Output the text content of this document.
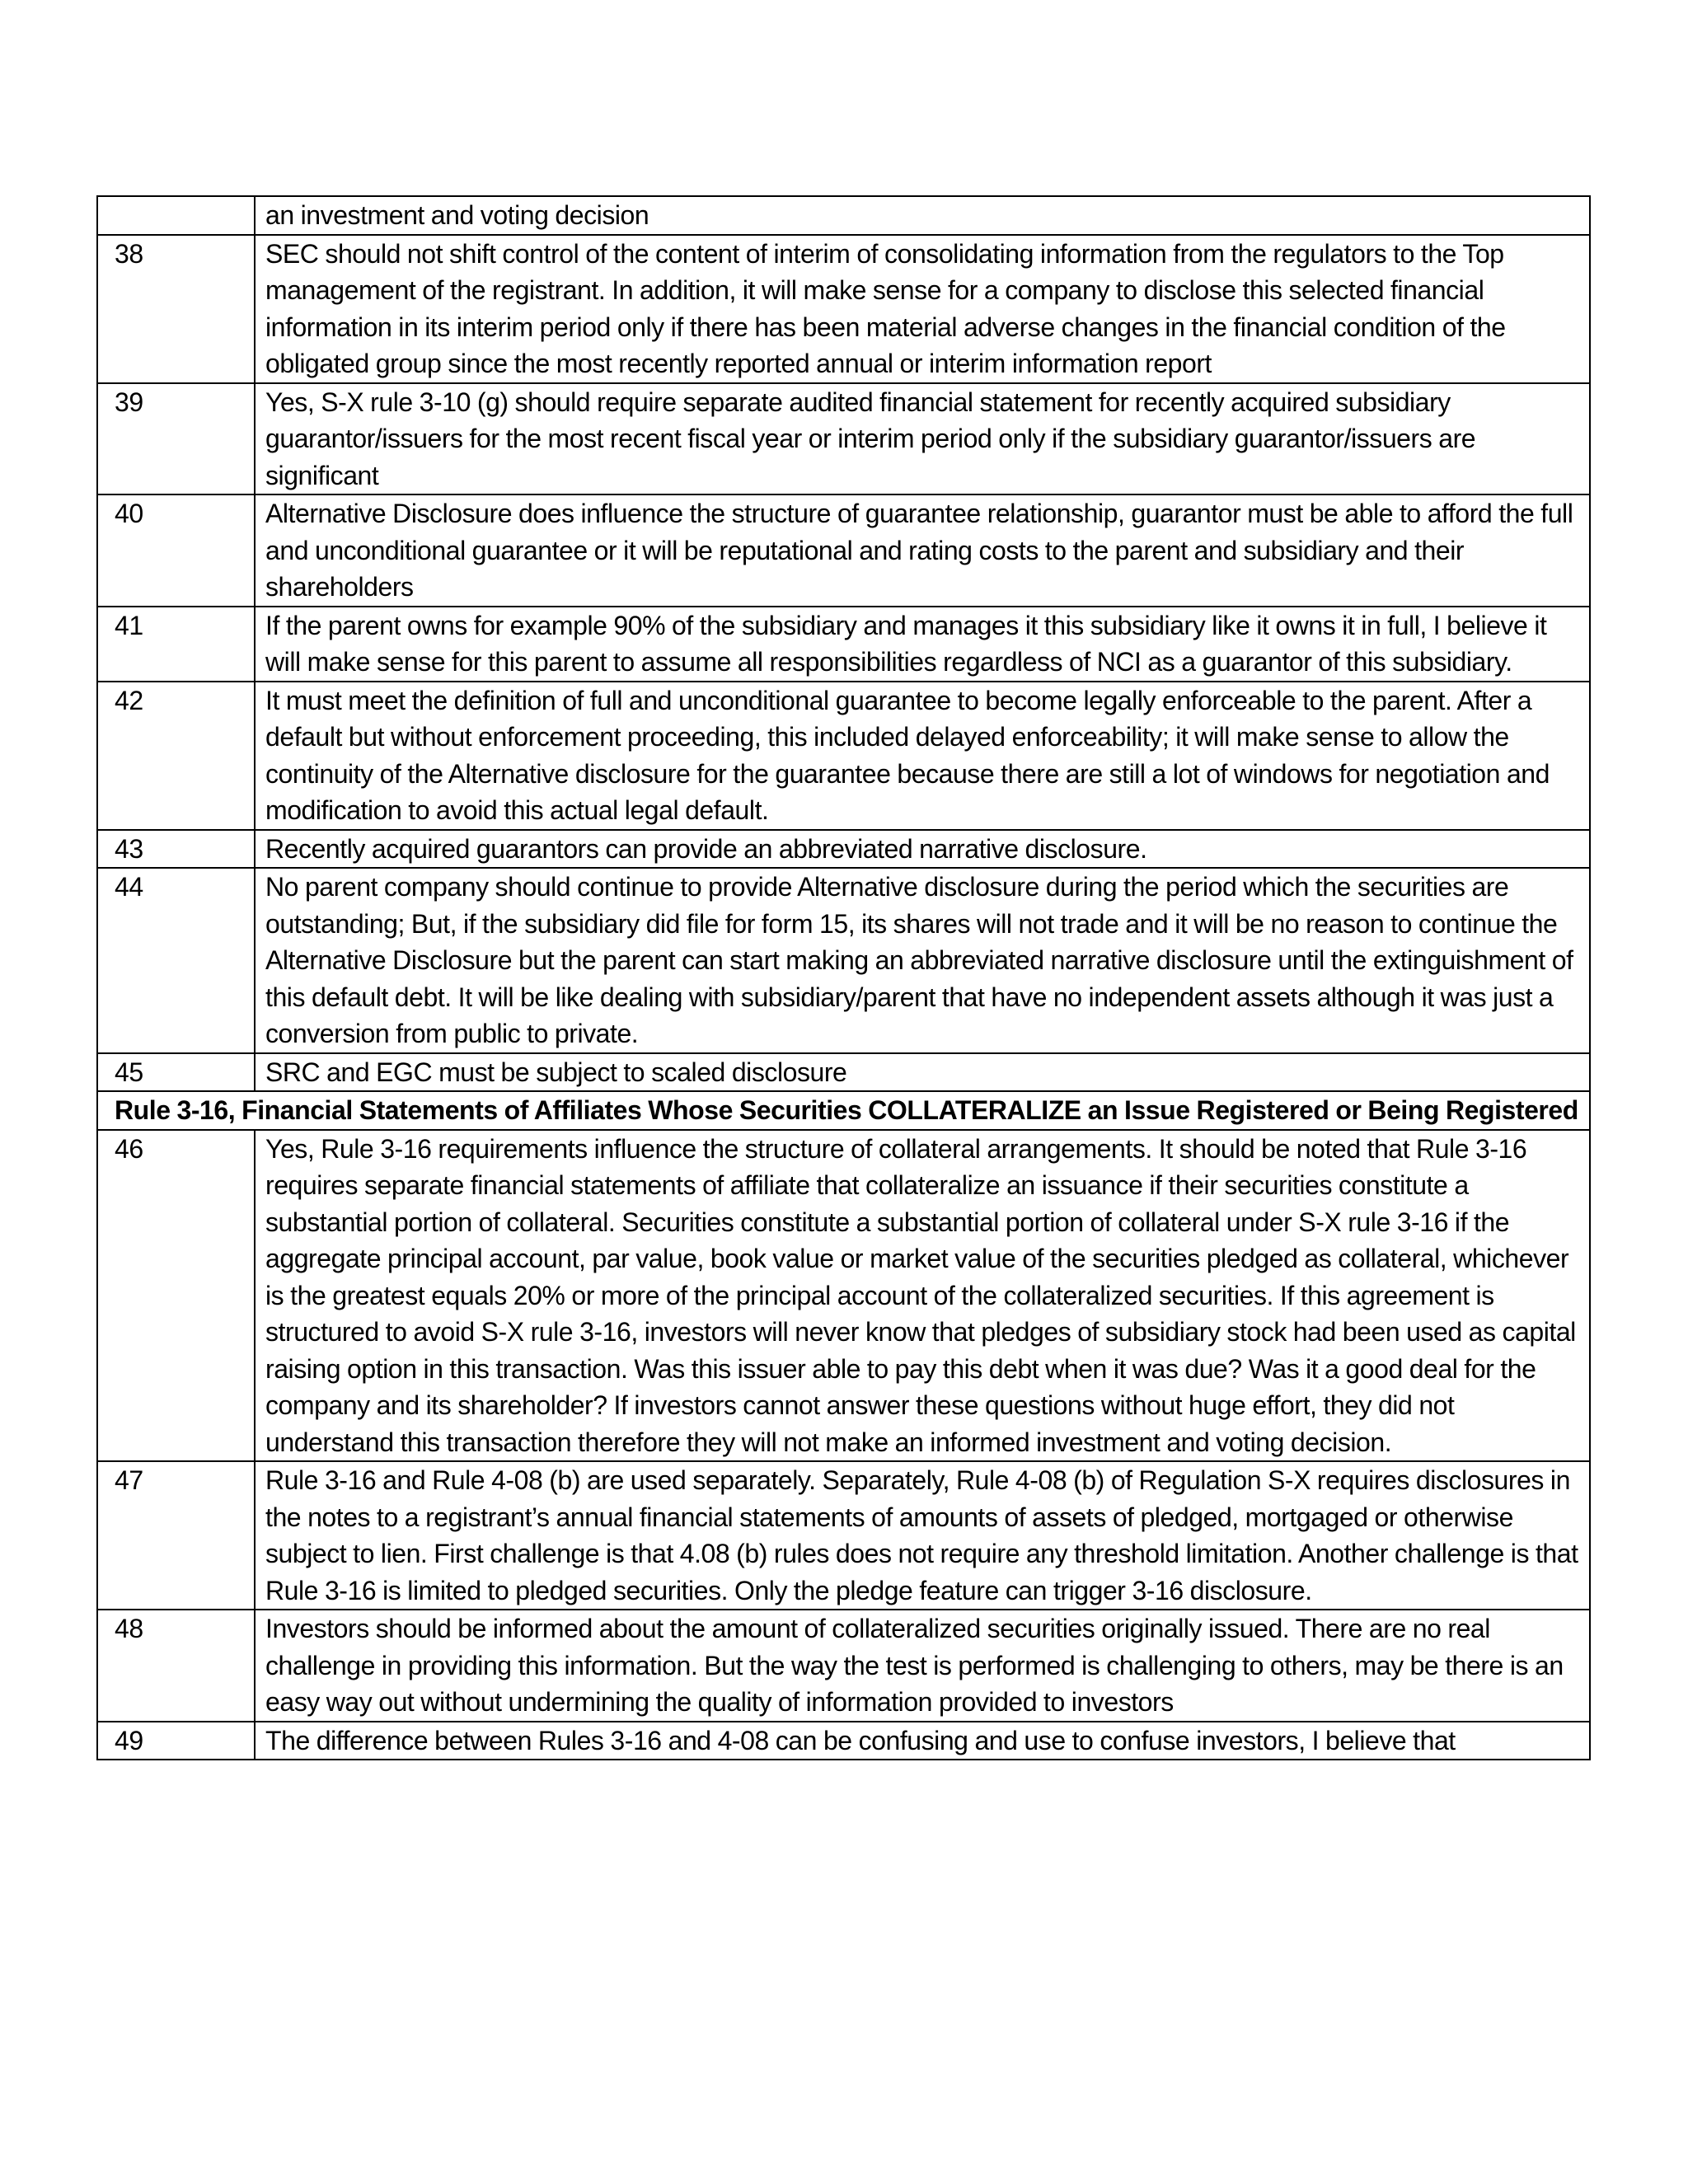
	an investment and voting decision
38	SEC should not shift control of the content of interim of consolidating information from the regulators to the Top management of the registrant. In addition, it will make sense for a company to disclose this selected financial information in its interim period only if there has been material adverse changes in the financial condition of the obligated group since the most recently reported annual or interim information report
39	Yes, S-X rule 3-10 (g) should require separate audited financial statement for recently acquired subsidiary guarantor/issuers for the most recent fiscal year or interim period only if the subsidiary guarantor/issuers are significant
40	Alternative Disclosure does influence the structure of guarantee relationship, guarantor must be able to afford the full and unconditional guarantee or it will be reputational and rating costs to the parent and subsidiary and their shareholders
41	If the parent owns for example 90% of the subsidiary and manages it this subsidiary like it owns it in full, I believe it will make sense for this parent to assume all responsibilities regardless of NCI as a guarantor of this subsidiary.
42	It must meet the definition of full and unconditional guarantee to become legally enforceable to the parent. After a default but without enforcement proceeding, this included delayed enforceability; it will make sense to allow the continuity of the Alternative disclosure for the guarantee because there are still a lot of windows for negotiation and modification to avoid this actual legal default.
43	Recently acquired guarantors can provide an abbreviated narrative disclosure.
44	No parent company should continue to provide Alternative disclosure during the period which the securities are outstanding; But, if the subsidiary did file for form 15, its shares will not trade and it will be no reason to continue the Alternative Disclosure but the parent can start making an abbreviated narrative disclosure until the extinguishment of this default debt. It will be like dealing with subsidiary/parent that have no independent assets although it was just a conversion from public to private.
45	SRC and EGC must be subject to scaled disclosure
Rule 3-16, Financial Statements of Affiliates Whose Securities COLLATERALIZE an Issue Registered or Being Registered	
46	Yes, Rule 3-16 requirements influence the structure of collateral arrangements. It should be noted that Rule 3-16 requires separate financial statements of affiliate that collateralize an issuance if their securities constitute a substantial portion of collateral. Securities constitute a substantial portion of collateral under S-X rule 3-16 if the aggregate principal account, par value, book value or market value of the securities pledged as collateral, whichever is the greatest equals 20% or more of the principal account of the collateralized securities. If this agreement is structured to avoid S-X rule 3-16, investors will never know that pledges of subsidiary stock had been used as capital raising option in this transaction. Was this issuer able to pay this debt when it was due? Was it a good deal for the company and its shareholder? If investors cannot answer these questions without huge effort, they did not understand this transaction therefore they will not make an informed investment and voting decision.
47	Rule 3-16 and Rule 4-08 (b) are used separately. Separately, Rule 4-08 (b) of Regulation S-X requires disclosures in the notes to a registrant’s annual financial statements of amounts of assets of pledged, mortgaged or otherwise subject to lien. First challenge is that 4.08 (b) rules does not require any threshold limitation. Another challenge is that Rule 3-16 is limited to pledged securities. Only the pledge feature can trigger 3-16 disclosure.
48	Investors should be informed about the amount of collateralized securities originally issued. There are no real challenge in providing this information. But the way the test is performed is challenging to others, may be there is an easy way out without undermining the quality of information provided to investors
49	The difference between Rules 3-16 and 4-08 can be confusing and use to confuse investors, I believe that
